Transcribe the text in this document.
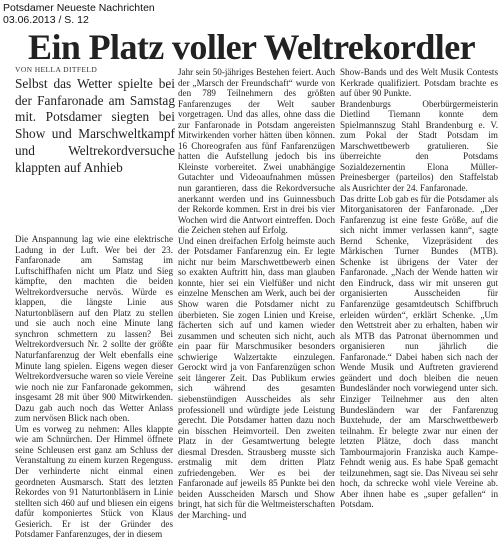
Potsdamer Neueste Nachrichten
03.06.2013 / S. 12
Ein Platz voller Weltrekordler
VON HELLA DITFELD
Selbst das Wetter spielte bei der Fanfaronade am Samstag mit. Potsdamer siegten bei Show und Marschweltkampf und Weltrekordversuche klappten auf Anhieb

Die Anspannung lag wie eine elektrische Ladung in der Luft. Wer bei der 23. Fanfaronade am Samstag im Luftschiffhafen nicht um Platz und Sieg kämpfte, den machten die beiden Weltrekordversuche nervös. Würde es klappen, die längste Linie aus Naturtonbläsern auf den Platz zu stellen und sie auch noch eine Minute lang synchron schmettern zu lassen? Bei Weltrekordversuch Nr. 2 sollte der größte Naturfanfarenzug der Welt ebenfalls eine Minute lang spielen. Eigens wegen dieser Weltrekordversuche waren so viele Vereine wie noch nie zur Fanfaronade gekommen, insgesamt 28 mit über 900 Mitwirkenden. Dazu gab auch noch das Wetter Anlass zum nervösen Blick nach oben.

Um es vorweg zu nehmen: Alles klappte wie am Schnürchen. Der Himmel öffnete seine Schleusen erst ganz am Schluss der Veranstaltung zu einem kurzen Regenguss. Der verhinderte nicht einmal einen geordneten Ausmarsch. Statt des letzten Rekordes von 91 Naturtonbläsern in Linie stellten sich 460 auf und bliesen ein eigens dafür komponiertes Stück von Klaus Gesierich. Er ist der Gründer des Potsdamer Fanfarenzuges, der in diesem

Jahr sein 50-jähriges Bestehen feiert. Auch der „Marsch der Freundschaft“ wurde von den 789 Teilnehmern des größten Fanfarenzuges der Welt sauber vorgetragen. Und das alles, ohne dass die zur Fanfaronade in Potsdam angereisten Mitwirkenden vorher hätten üben können. 16 Choreografen aus fünf Fanfarenzügen hatten die Aufstellung jedoch bis ins Kleinste vorbereitet. Zwei unabhängige Gutachter und Videoaufnahmen müssen nun garantieren, dass die Rekordversuche anerkannt werden und ins Guinnessbuch der Rekorde kommen. Erst in drei bis vier Wochen wird die Antwort eintreffen. Doch die Zeichen stehen auf Erfolg.

Und einen dreifachen Erfolg heimste auch der Potsdamer Fanfarenzug ein. Er legte nicht nur beim Marschwettbewerb einen so exakten Auftritt hin, dass man glauben konnte, hier sei ein Vielfüßer und nicht einzelne Menschen am Werk, auch bei der Show waren die Potsdamer nicht zu überbieten. Sie zogen Linien und Kreise, fächerten sich auf und kamen wieder zusammen und scheuten sich nicht, auch ein paar für Marschmusiker besonders schwierige Walzertakte einzulegen. Gerockt wird ja von Fanfarenzügen schon seit längerer Zeit. Das Publikum erwies sich während des gesamten siebenstündigen Ausscheides als sehr professionell und würdigte jede Leistung gerecht. Die Potsdamer hatten dazu noch ein bisschen Heimvorteil. Den zweiten Platz in der Gesamtwertung belegte diesmal Dresden. Strausberg musste sich erstmalig mit dem dritten Platz zufriedengeben. Wer es bei der Fanfaronade auf jeweils 85 Punkte bei den beiden Ausscheiden Marsch und Show bringt, hat sich für die Weltmeisterschaften der Marching- und

Show-Bands und des Welt Musik Contests Kerkrade qualifiziert. Potsdam brachte es auf über 90 Punkte.

Brandenburgs Oberbürgermeisterin Dietlind Tiemann konnte dem Spielmannszug Stahl Brandenburg e. V. zum Pokal der Stadt Potsdam im Marschwettbewerb gratulieren. Sie überreichte den Potsdams Sozialdezernentin Elona Müller-Preinesberger (parteilos) den Staffelstab als Ausrichter der 24. Fanfaronade.

Das dritte Lob gab es für die Potsdamer als Mitorganisatoren der Fanfaronade. „Der Fanfarenzug ist eine feste Größe, auf die sich nicht immer verlassen kann“, sagte Bernd Schenke, Vizepräsident des Märkischen Turner Bundes (MTB). Schenke ist übrigens der Vater der Fanfaronade. „Nach der Wende hatten wir den Eindruck, dass wir mit unseren gut organisierten Ausscheiden für Fanfarenzüge gesamtdeutsch Schiffbruch erleiden würden“, erklärt Schenke. „Um den Wettstreit aber zu erhalten, haben wir als MTB das Patronat übernommen und organisieren nun jährlich die Fanfaronade.“ Dabei haben sich nach der Wende Musik und Auftreten gravierend geändert und doch bleiben die neuen Bundesländer noch vorwiegend unter sich. Einziger Teilnehmer aus den alten Bundesländern war der Fanfarenzug Buxtehude, der am Marschwettbewerb teilnahm. Er belegte zwar nur einen der letzten Plätze, doch dass mancht Tambourmajorin Franziska auch Kampe-Fehndt wenig aus. Es habe Spaß gemacht teilzunehmen, sagt sie. Das Niveau sei sehr hoch, da schrecke wohl viele Vereine ab. Aber ihnen habe es „super gefallen“ in Potsdam.
